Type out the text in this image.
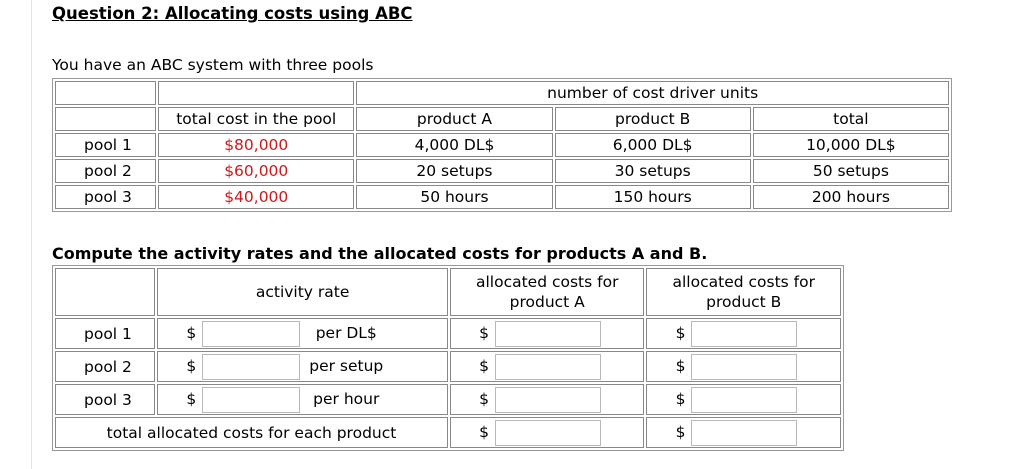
Question 2: Allocating costs using ABC

You have an ABC system with three pools

		number of cost driver units		
	total cost in the pool	product A	product B	total
pool 1	$80,000	4,000 DL$	6,000 DL$	10,000 DL$
pool 2	$60,000	20 setups	30 setups	50 setups
pool 3	$40,000	50 hours	150 hours	200 hours

Compute the activity rates and the allocated costs for products A and B.

	activity rate	allocated costs for product A	allocated costs for product B
pool 1	$ per DL$	$	$
pool 2	$ per setup	$	$
pool 3	$ per hour	$	$
total allocated costs for each product		$	$
